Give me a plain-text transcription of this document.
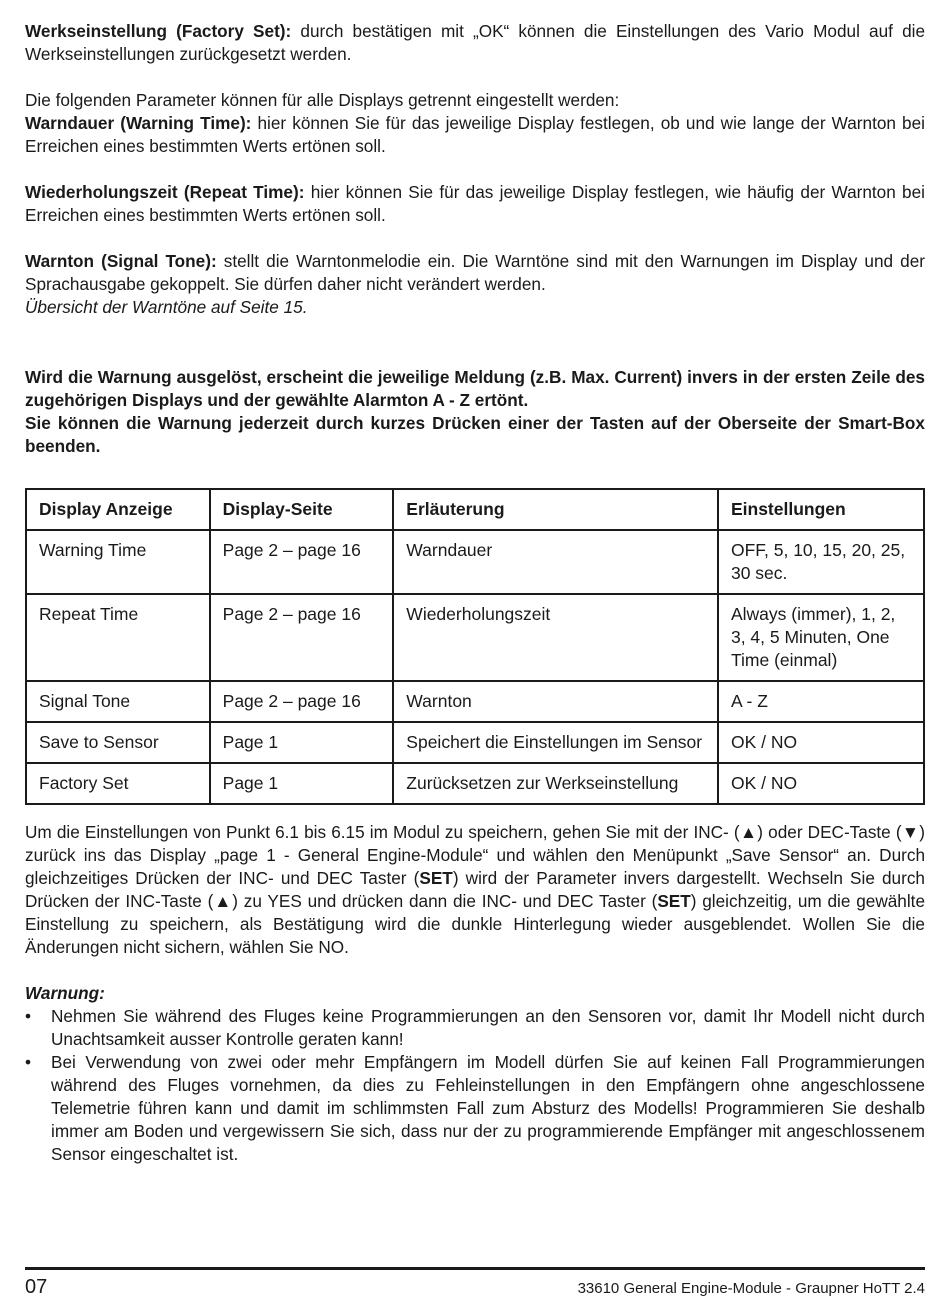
Werkseinstellung (Factory Set): durch bestätigen mit „OK“ können die Einstellungen des Vario Modul auf die Werkseinstellungen zurückgesetzt werden.

Die folgenden Parameter können für alle Displays getrennt eingestellt werden:

Warndauer (Warning Time): hier können Sie für das jeweilige Display festlegen, ob und wie lange der Warnton bei Erreichen eines bestimmten Werts ertönen soll.

Wiederholungszeit (Repeat Time): hier können Sie für das jeweilige Display festlegen, wie häufig der Warnton bei Erreichen eines bestimmten Werts ertönen soll.

Warnton (Signal Tone): stellt die Warntonmelodie ein. Die Warntöne sind mit den Warnungen im Display und der Sprachausgabe gekoppelt. Sie dürfen daher nicht verändert werden.

Übersicht der Warntöne auf Seite 15.

Wird die Warnung ausgelöst, erscheint die jeweilige Meldung (z.B. Max. Current) invers in der ersten Zeile des zugehörigen Displays und der gewählte Alarmton A - Z ertönt.

Sie können die Warnung jederzeit durch kurzes Drücken einer der Tasten auf der Oberseite der Smart-Box beenden.

Display Anzeige	Display-Seite	Erläuterung	Einstellungen
Warning Time	Page 2 – page 16	Warndauer	OFF, 5, 10, 15, 20, 25, 30 sec.
Repeat Time	Page 2 – page 16	Wiederholungszeit	Always (immer), 1, 2, 3, 4, 5 Minuten, One Time (einmal)
Signal Tone	Page 2 – page 16	Warnton	A - Z
Save to Sensor	Page 1	Speichert die Einstellungen im Sensor	OK / NO
Factory Set	Page 1	Zurücksetzen zur Werkseinstellung	OK / NO

Um die Einstellungen von Punkt 6.1 bis 6.15 im Modul zu speichern, gehen Sie mit der INC- (▲) oder DEC-Taste (▼) zurück ins das Display „page 1 - General Engine-Module“ und wählen den Menüpunkt „Save Sensor“ an. Durch gleichzeitiges Drücken der INC- und DEC Taster (SET) wird der Parameter invers dargestellt. Wechseln Sie durch Drücken der INC-Taste (▲) zu YES und drücken dann die INC- und DEC Taster (SET) gleichzeitig, um die gewählte Einstellung zu speichern, als Bestätigung wird die dunkle Hinterlegung wieder ausgeblendet. Wollen Sie die Änderungen nicht sichern, wählen Sie NO.

Warnung:

• Nehmen Sie während des Fluges keine Programmierungen an den Sensoren vor, damit Ihr Modell nicht durch Unachtsamkeit ausser Kontrolle geraten kann!
• Bei Verwendung von zwei oder mehr Empfängern im Modell dürfen Sie auf keinen Fall Programmierungen während des Fluges vornehmen, da dies zu Fehleinstellungen in den Empfängern ohne angeschlossene Telemetrie führen kann und damit im schlimmsten Fall zum Absturz des Modells! Programmieren Sie deshalb immer am Boden und vergewissern Sie sich, dass nur der zu programmierende Empfänger mit angeschlossenem Sensor eingeschaltet ist.
07	33610 General Engine-Module - Graupner HoTT 2.4
